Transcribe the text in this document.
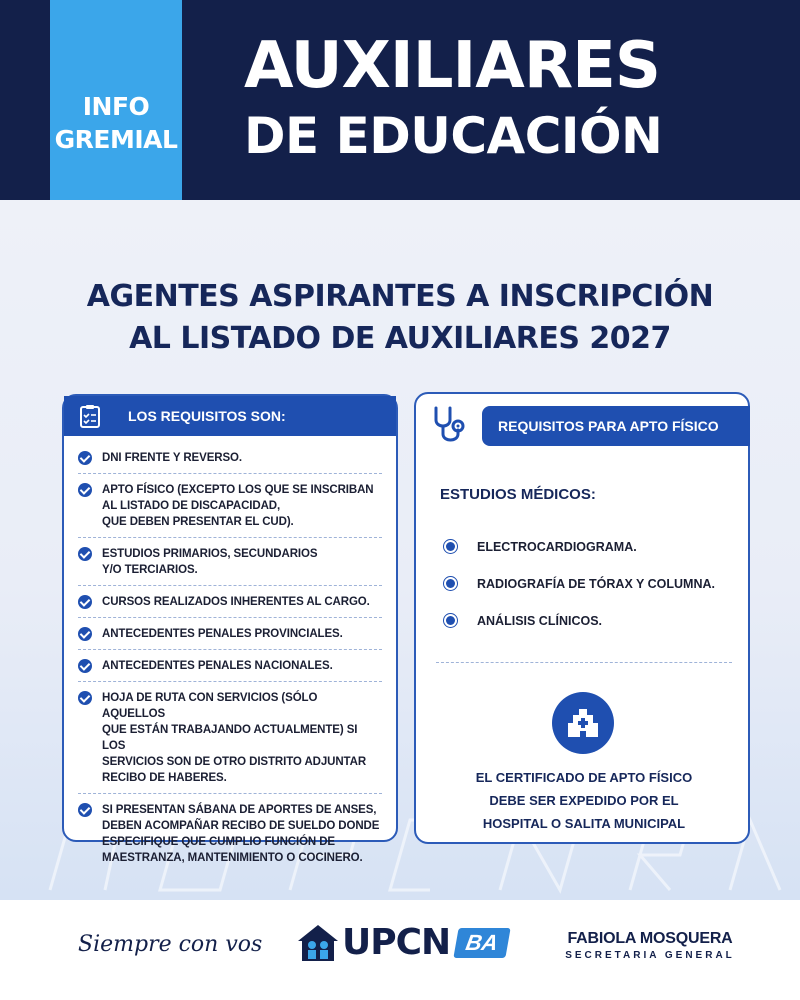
INFO
GREMIAL
AUXILIARES
DE EDUCACIÓN
AGENTES ASPIRANTES A INSCRIPCIÓN
AL LISTADO DE AUXILIARES 2027
LOS REQUISITOS SON:
DNI FRENTE Y REVERSO.
APTO FÍSICO (EXCEPTO LOS QUE SE INSCRIBAN
AL LISTADO DE DISCAPACIDAD,
QUE DEBEN PRESENTAR EL CUD).
ESTUDIOS PRIMARIOS, SECUNDARIOS
Y/O TERCIARIOS.
CURSOS REALIZADOS INHERENTES AL CARGO.
ANTECEDENTES PENALES PROVINCIALES.
ANTECEDENTES PENALES NACIONALES.
HOJA DE RUTA CON SERVICIOS (SÓLO AQUELLOS
QUE ESTÁN TRABAJANDO ACTUALMENTE) SI LOS
SERVICIOS SON DE OTRO DISTRITO ADJUNTAR
RECIBO DE HABERES.
SI PRESENTAN SÁBANA DE APORTES DE ANSES,
DEBEN ACOMPAÑAR RECIBO DE SUELDO DONDE
ESPECIFIQUE QUE CUMPLIO FUNCIÓN DE
MAESTRANZA, MANTENIMIENTO O COCINERO.
REQUISITOS PARA APTO FÍSICO
ESTUDIOS MÉDICOS:
ELECTROCARDIOGRAMA.
RADIOGRAFÍA DE TÓRAX Y COLUMNA.
ANÁLISIS CLÍNICOS.
EL CERTIFICADO DE APTO FÍSICO
DEBE SER EXPEDIDO POR EL
HOSPITAL O SALITA MUNICIPAL
Siempre con vos UPCN BA	FABIOLA MOSQUERA
SECRETARIA GENERAL
